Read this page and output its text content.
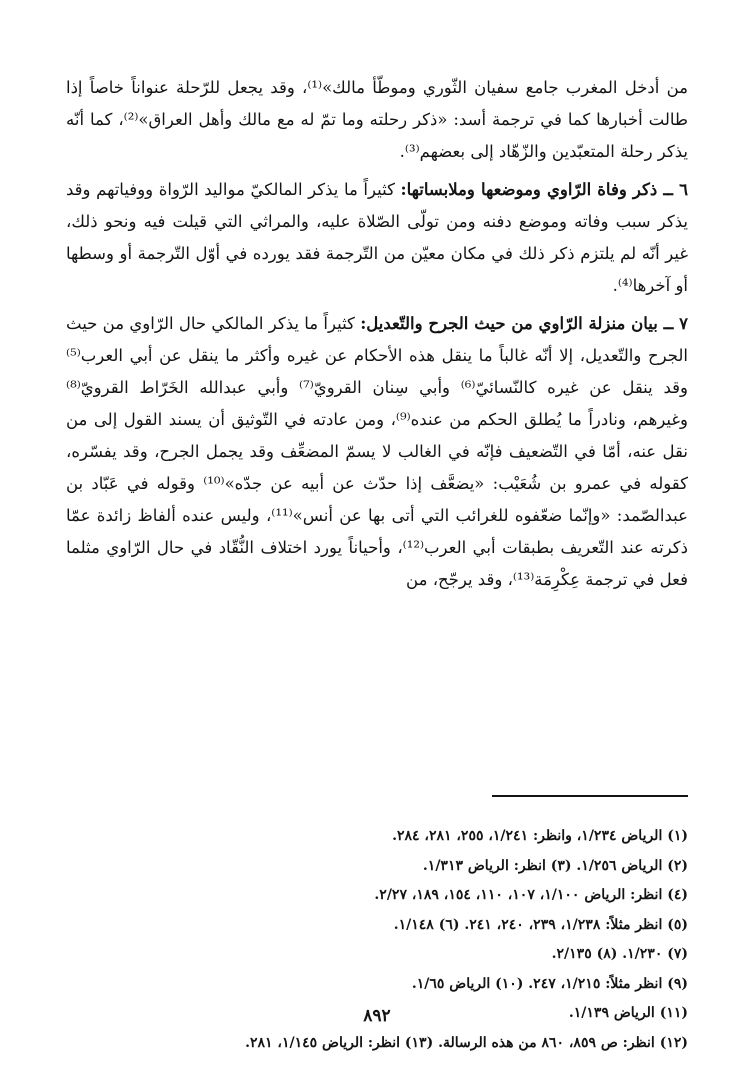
من أدخل المغرب جامع سفيان الثّوري وموطّأ مالك»⁽¹⁾، وقد يجعل للرّحلة عنواناً خاصاً إذا طالت أخبارها كما في ترجمة أسد: «ذكر رحلته وما تمّ له مع مالك وأهل العراق»⁽²⁾، كما أنّه يذكر رحلة المتعبّدين والزّهّاد إلى بعضهم⁽³⁾.

٦ ــ ذكر وفاة الرّاوي وموضعها وملابساتها: كثيراً ما يذكر المالكيّ مواليد الرّواة ووفياتهم وقد يذكر سبب وفاته وموضع دفنه ومن تولّى الصّلاة عليه، والمراثي التي قيلت فيه ونحو ذلك، غير أنّه لم يلتزم ذكر ذلك في مكان معيّن من التّرجمة فقد يورده في أوّل التّرجمة أو وسطها أو آخرها⁽⁴⁾.

٧ ــ بيان منزلة الرّاوي من حيث الجرح والتّعديل: كثيراً ما يذكر المالكي حال الرّاوي من حيث الجرح والتّعديل، إلا أنّه غالباً ما ينقل هذه الأحكام عن غيره وأكثر ما ينقل عن أبي العرب⁽⁵⁾ وقد ينقل عن غيره كالنّسائيّ⁽⁶⁾ وأبي سِنان القرويّ⁽⁷⁾ وأبي عبدالله الخَرّاط القرويّ⁽⁸⁾ وغيرهم، ونادراً ما يُطلق الحكم من عنده⁽⁹⁾، ومن عادته في التّوثيق أن يسند القول إلى من نقل عنه، أمّا في التّضعيف فإنّه في الغالب لا يسمّ المضعِّف وقد يجمل الجرح، وقد يفسّره، كقوله في عمرو بن شُعَيْب: «يضعَّف إذا حدّث عن أبيه عن جدّه»⁽¹⁰⁾ وقوله في عَبّاد بن عبدالصّمد: «وإنّما ضعّفوه للغرائب التي أتى بها عن أنس»⁽¹¹⁾، وليس عنده ألفاظ زائدة عمّا ذكرته عند التّعريف بطبقات أبي العرب⁽¹²⁾، وأحياناً يورد اختلاف النُّقّاد في حال الرّاوي مثلما فعل في ترجمة عِكْرِمَة⁽¹³⁾، وقد يرجّح، من

(١) الرياض ١/٢٣٤، وانظر: ١/٢٤١، ٢٥٥، ٢٨١، ٢٨٤.
(٢) الرياض ١/٢٥٦. (٣) انظر: الرياض ١/٣١٣.
(٤) انظر: الرياض ١/١٠٠، ١٠٧، ١١٠، ١٥٤، ١٨٩، ٢/٢٧.
(٥) انظر مثلاً: ١/٢٣٨، ٢٣٩، ٢٤٠، ٢٤١. (٦) ١/١٤٨.
(٧) ١/٢٣٠. (٨) ٢/١٣٥.
(٩) انظر مثلاً: ١/٢١٥، ٢٤٧. (١٠) الرياض ١/٦٥.
(١١) الرياض ١/١٣٩.
(١٢) انظر: ص ٨٥٩، ٨٦٠ من هذه الرسالة. (١٣) انظر: الرياض ١/١٤٥، ٢٨١.
٨٩٢
